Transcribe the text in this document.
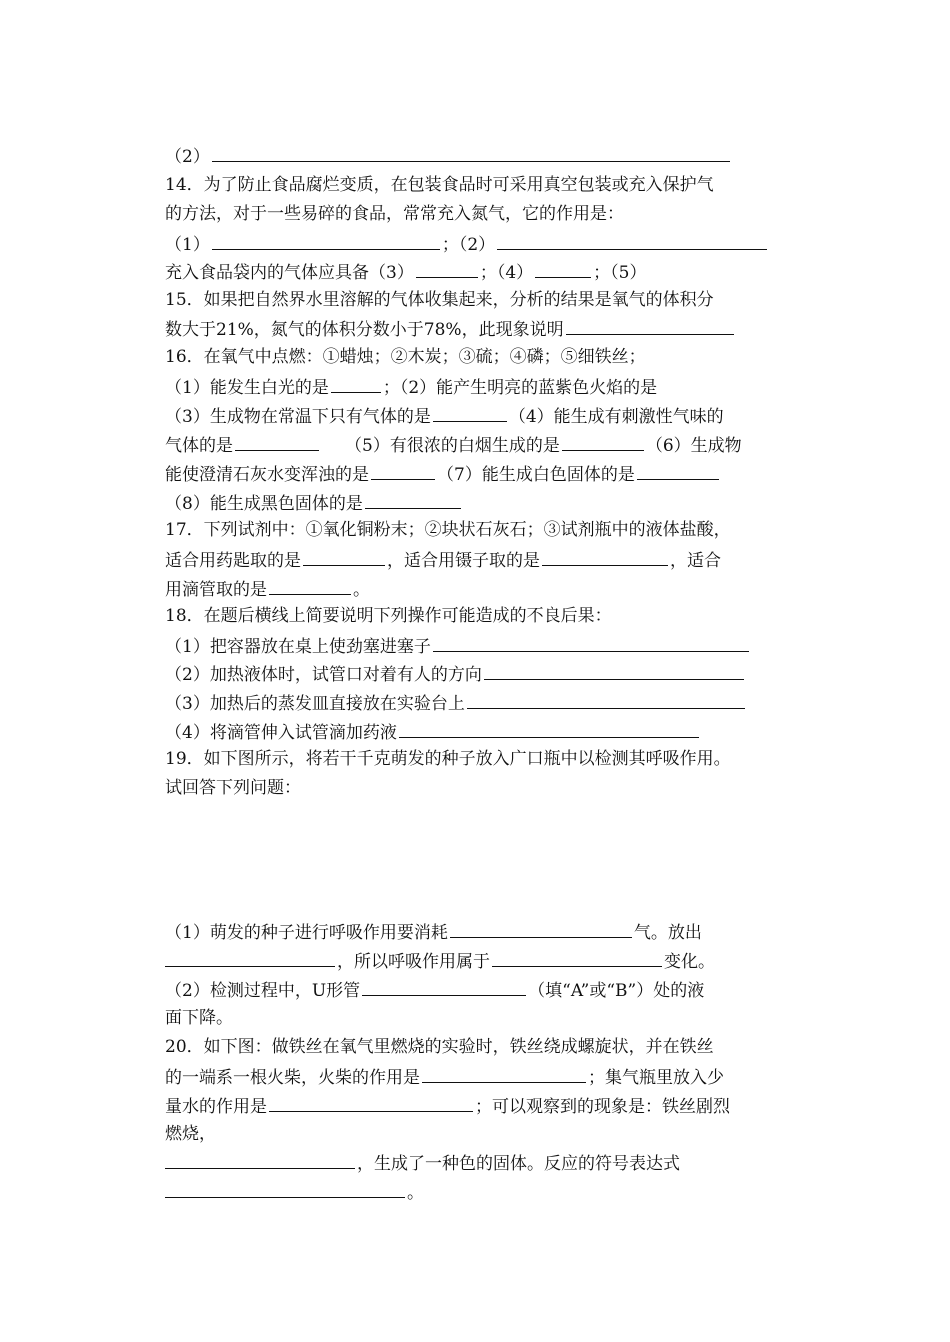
（2）
14．为了防止食品腐烂变质，在包装食品时可采用真空包装或充入保护气
的方法，对于一些易碎的食品，常常充入氮气，它的作用是：
（1）	；（2）
充入食品袋内的气体应具备（3）	；（4）	；（5）
15．如果把自然界水里溶解的气体收集起来，分析的结果是氧气的体积分
数大于21%，氮气的体积分数小于78%，此现象说明
16．在氧气中点燃：①蜡烛；②木炭；③硫；④磷；⑤细铁丝；
（1）能发生白光的是	；（2）能产生明亮的蓝紫色火焰的是
（3）生成物在常温下只有气体的是	（4）能生成有刺激性气味的
气体的是	（5）有很浓的白烟生成的是	（6）生成物
能使澄清石灰水变浑浊的是	（7）能生成白色固体的是
（8）能生成黑色固体的是
17．下列试剂中：①氧化铜粉末；②块状石灰石；③试剂瓶中的液体盐酸，
适合用药匙取的是	，适合用镊子取的是	，适合
用滴管取的是	。
18．在题后横线上简要说明下列操作可能造成的不良后果：
（1）把容器放在桌上使劲塞进塞子
（2）加热液体时，试管口对着有人的方向
（3）加热后的蒸发皿直接放在实验台上
（4）将滴管伸入试管滴加药液
19．如下图所示，将若干千克萌发的种子放入广口瓶中以检测其呼吸作用。
试回答下列问题：
（1）萌发的种子进行呼吸作用要消耗	气。放出
，所以呼吸作用属于	变化。
（2）检测过程中，U形管	（填“A”或“B”）处的液
面下降。
20．如下图：做铁丝在氧气里燃烧的实验时，铁丝绕成螺旋状，并在铁丝
的一端系一根火柴，火柴的作用是	；集气瓶里放入少
量水的作用是	；可以观察到的现象是：铁丝剧烈
燃烧，
，生成了一种色的固体。反应的符号表达式
。
